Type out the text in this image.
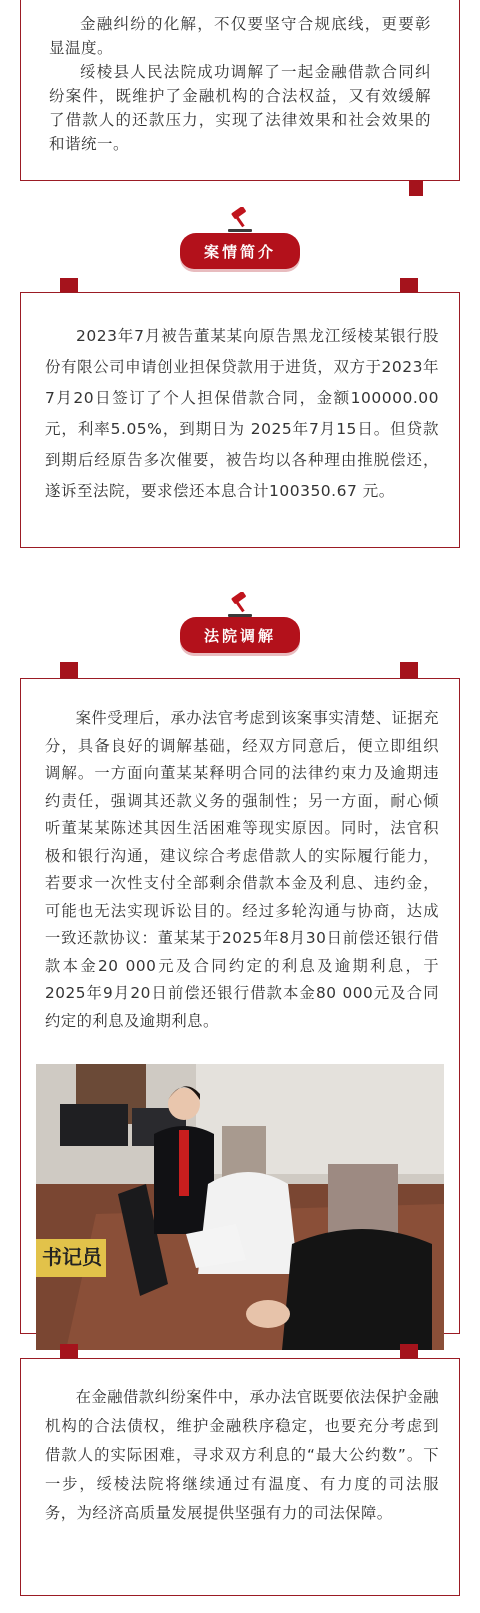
金融纠纷的化解，不仅要坚守合规底线，更要彰显温度。

绥棱县人民法院成功调解了一起金融借款合同纠纷案件，既维护了金融机构的合法权益，又有效缓解了借款人的还款压力，实现了法律效果和社会效果的和谐统一。

案情简介

2023年7月被告董某某向原告黑龙江绥棱某银行股份有限公司申请创业担保贷款用于进货，双方于2023年7月20日签订了个人担保借款合同，金额100000.00元，利率5.05%，到期日为 2025年7月15日。但贷款到期后经原告多次催要，被告均以各种理由推脱偿还，遂诉至法院，要求偿还本息合计100350.67 元。

法院调解

案件受理后，承办法官考虑到该案事实清楚、证据充分，具备良好的调解基础，经双方同意后，便立即组织调解。一方面向董某某释明合同的法律约束力及逾期违约责任，强调其还款义务的强制性；另一方面，耐心倾听董某某陈述其因生活困难等现实原因。同时，法官积极和银行沟通，建议综合考虑借款人的实际履行能力，若要求一次性支付全部剩余借款本金及利息、违约金，可能也无法实现诉讼目的。经过多轮沟通与协商，达成一致还款协议：董某某于2025年8月30日前偿还银行借款本金20 000元及合同约定的利息及逾期利息，于2025年9月20日前偿还银行借款本金80 000元及合同约定的利息及逾期利息。

书记员

在金融借款纠纷案件中，承办法官既要依法保护金融机构的合法债权，维护金融秩序稳定，也要充分考虑到借款人的实际困难，寻求双方利息的“最大公约数”。下一步，绥棱法院将继续通过有温度、有力度的司法服务，为经济高质量发展提供坚强有力的司法保障。
